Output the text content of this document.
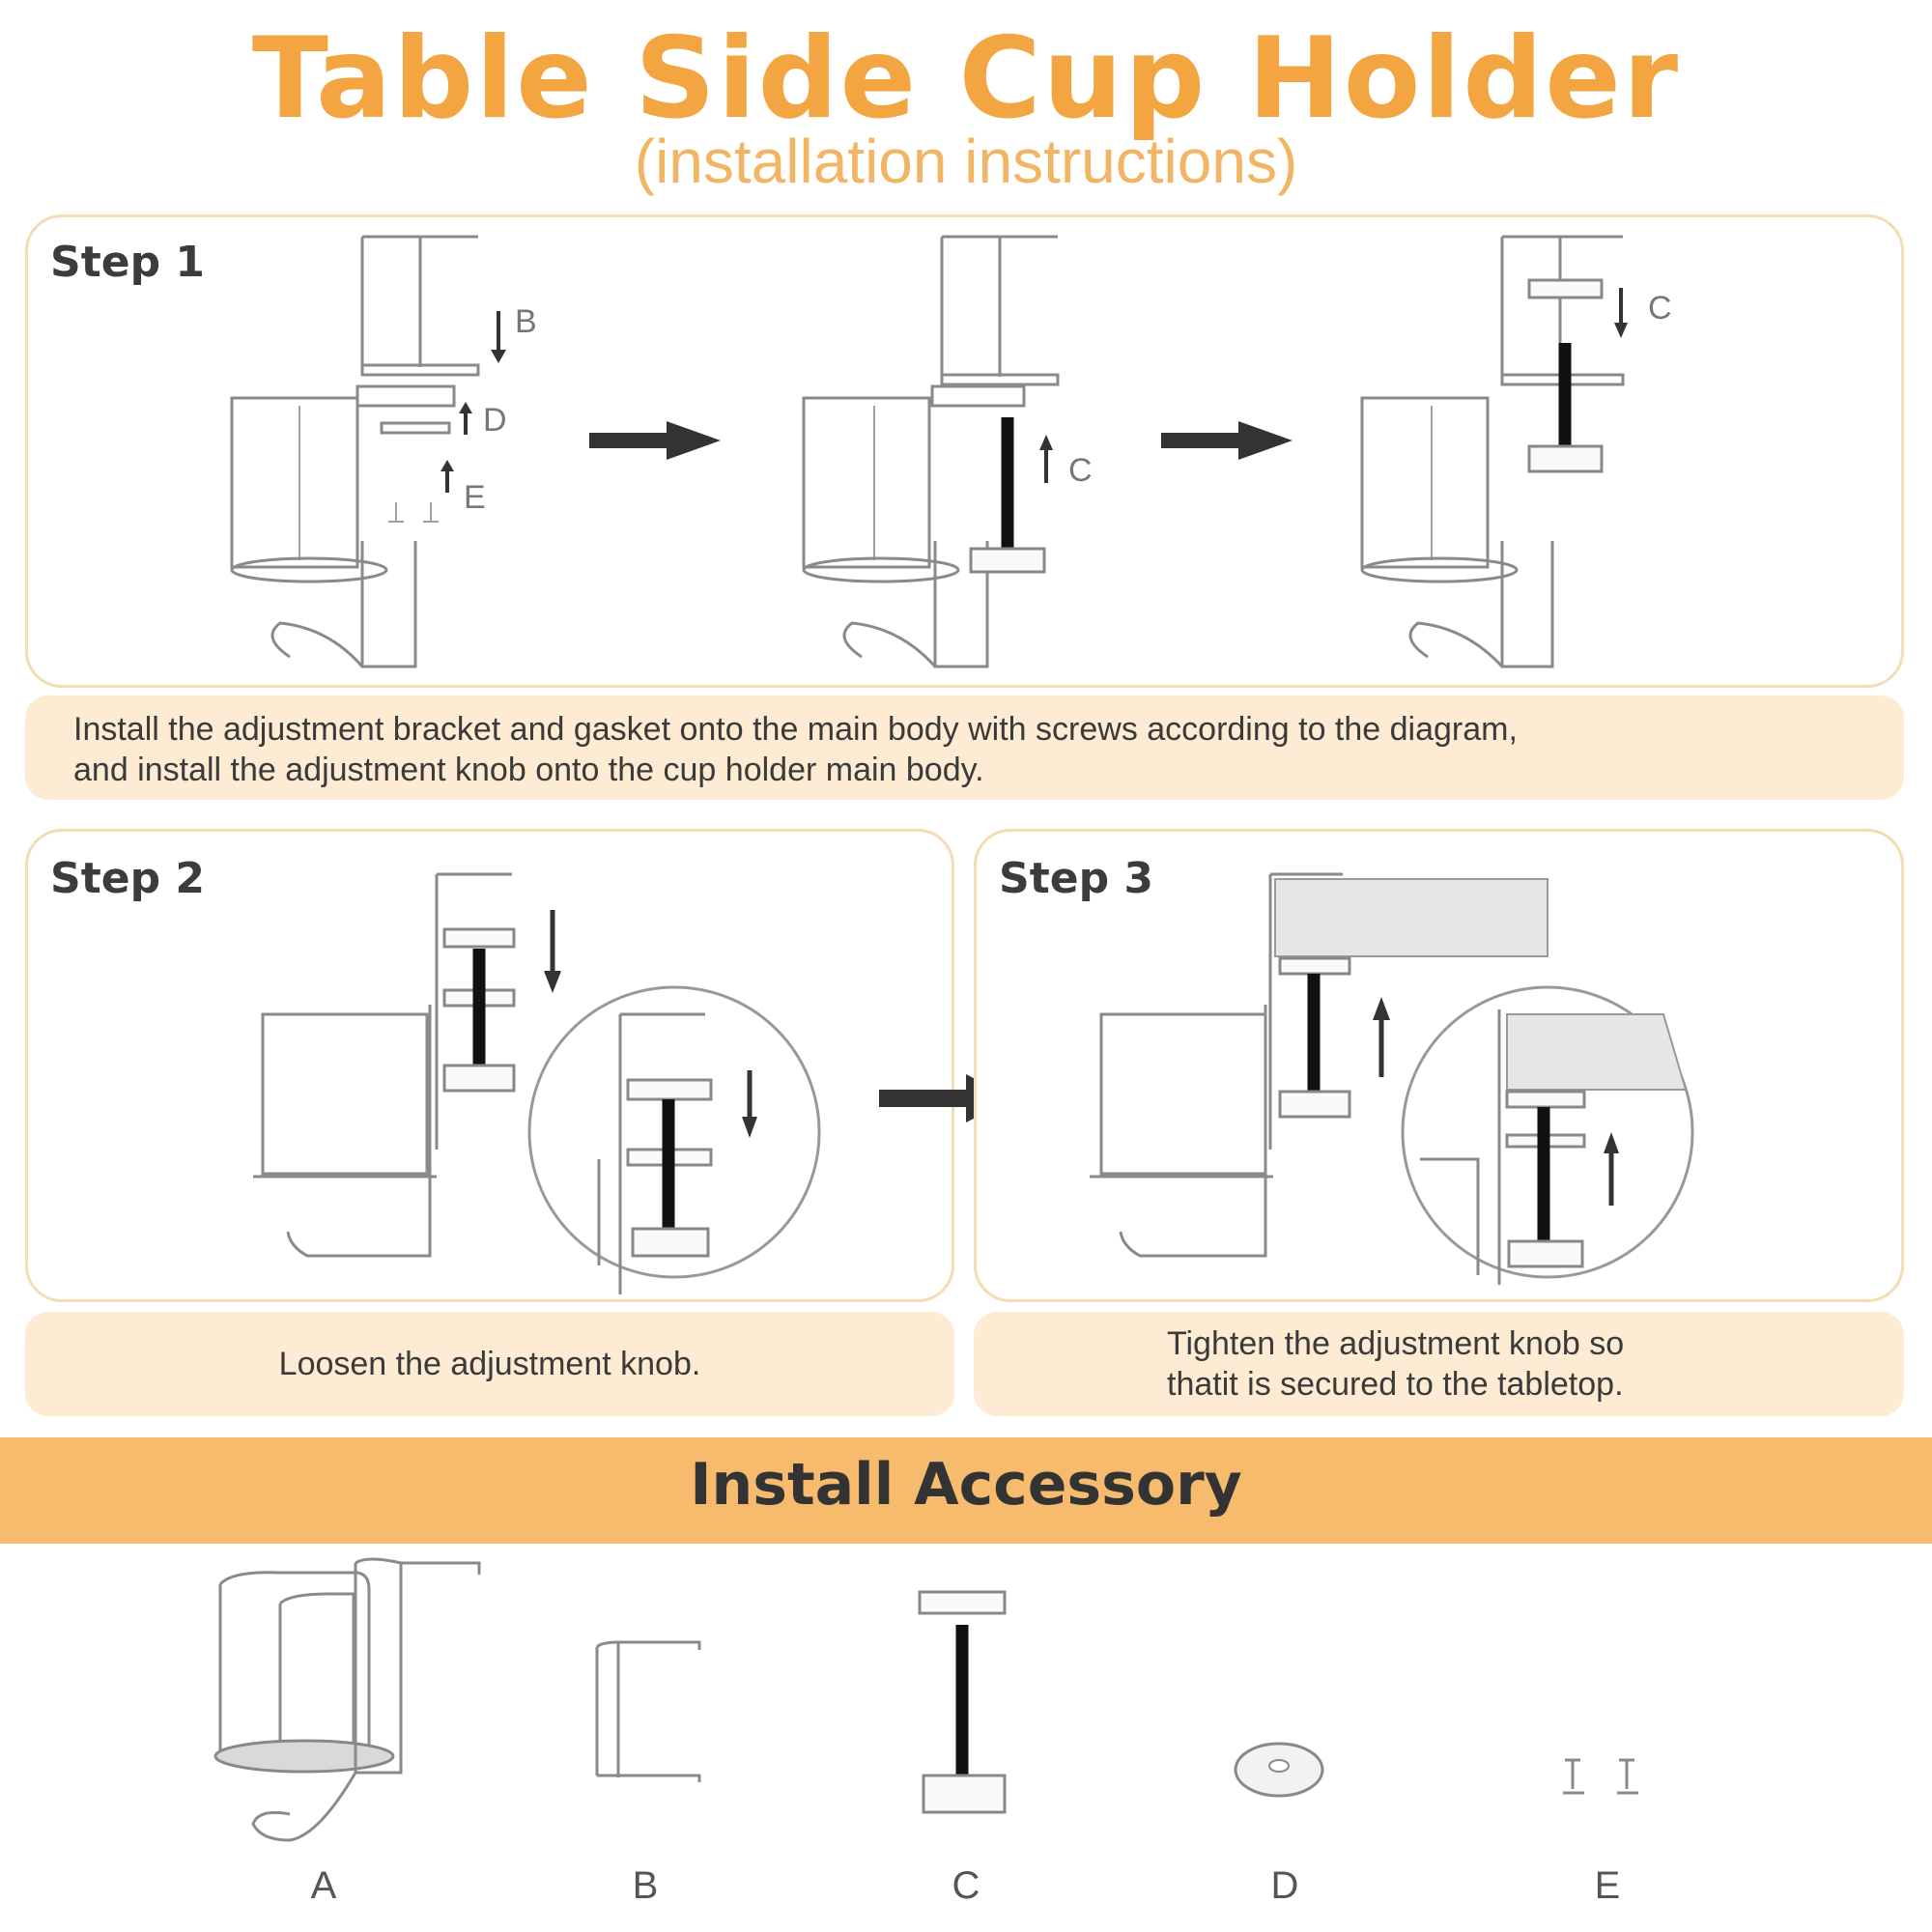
Table Side Cup Holder
(installation instructions)
Step 1
B
D
E
C
C
Install the adjustment bracket and gasket onto the main body with screws according to the diagram,
and install the adjustment knob onto the cup holder main body.
Step 2
Loosen the adjustment knob.
Step 3
Tighten the adjustment knob so
thatit is secured to the tabletop.
Install Accessory
A	B	C	D	E
